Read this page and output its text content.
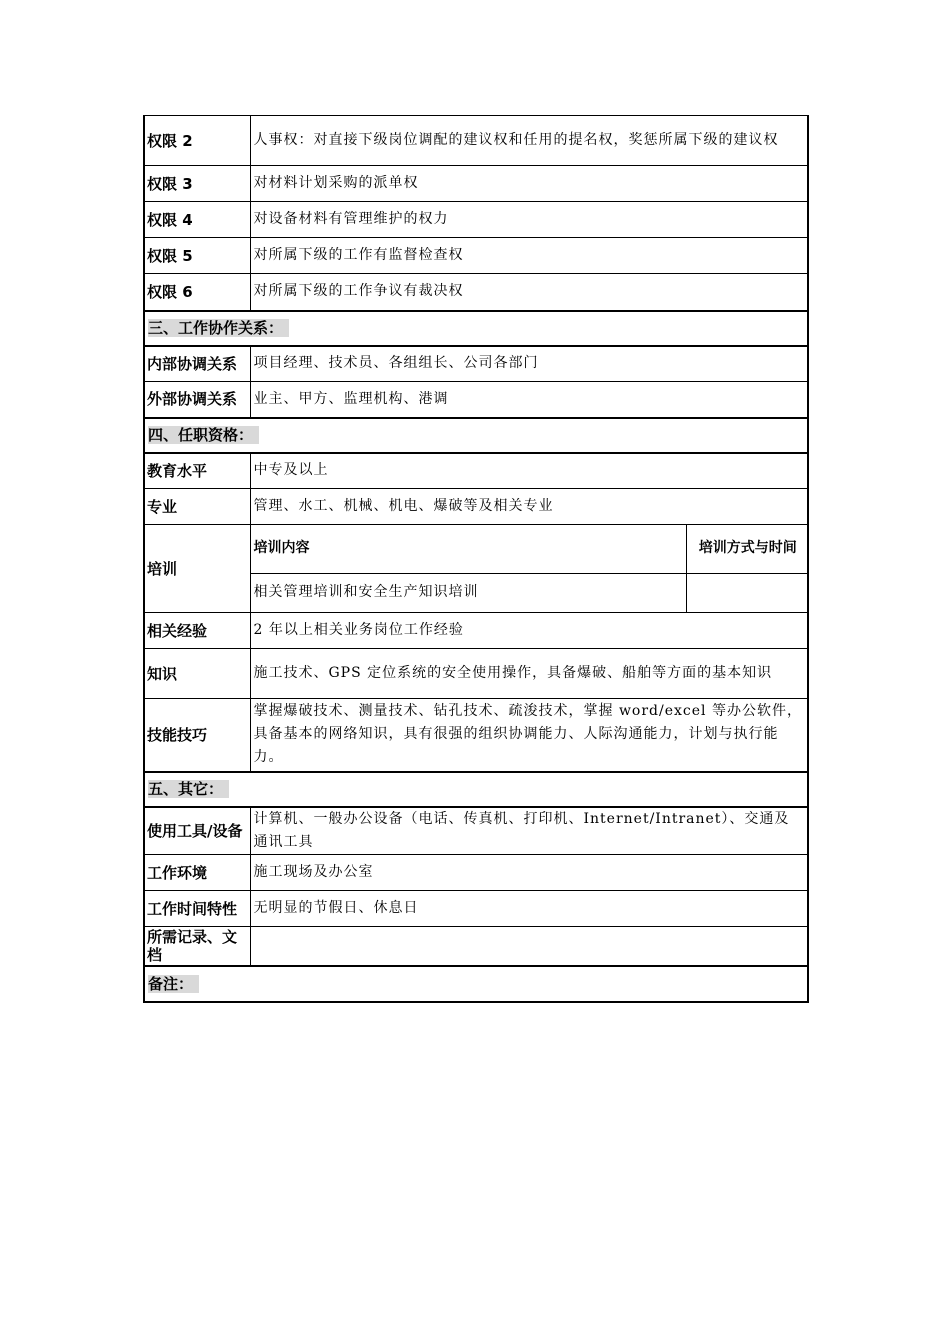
权限 2	人事权：对直接下级岗位调配的建议权和任用的提名权，奖惩所属下级的建议权
权限 3	对材料计划采购的派单权
权限 4	对设备材料有管理维护的权力
权限 5	对所属下级的工作有监督检查权
权限 6	对所属下级的工作争议有裁决权
三、工作协作关系：
内部协调关系	项目经理、技术员、各组组长、公司各部门
外部协调关系	业主、甲方、监理机构、港调
四、任职资格：
教育水平	中专及以上
专业	管理、水工、机械、机电、爆破等及相关专业
培训	
培训内容	培训方式与时间
相关管理培训和安全生产知识培训	

相关经验	2 年以上相关业务岗位工作经验
知识	施工技术、GPS 定位系统的安全使用操作，具备爆破、船舶等方面的基本知识
技能技巧	掌握爆破技术、测量技术、钻孔技术、疏浚技术，掌握 word/excel 等办公软件，具备基本的网络知识，具有很强的组织协调能力、人际沟通能力，计划与执行能力。
五、其它：
使用工具/设备	计算机、一般办公设备（电话、传真机、打印机、Internet/Intranet）、交通及通讯工具
工作环境	施工现场及办公室
工作时间特性	无明显的节假日、休息日
所需记录、文档	
备注：
